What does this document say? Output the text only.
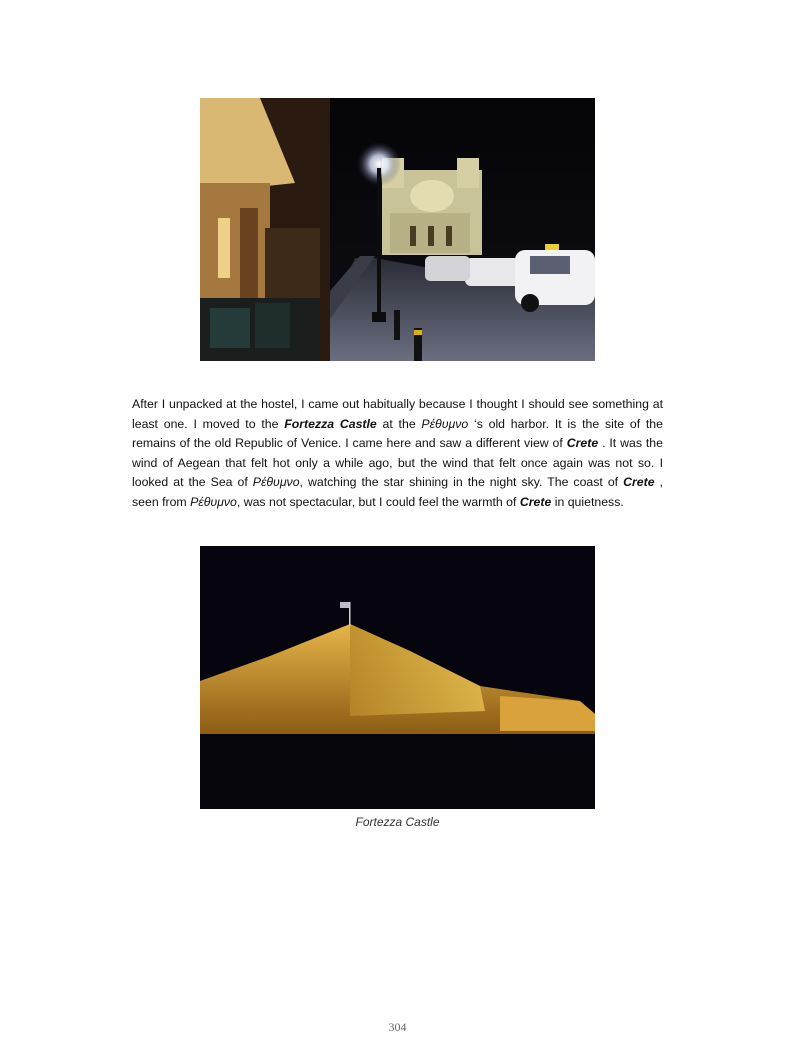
After I unpacked at the hostel, I came out habitually because I thought I should see something at least one. I moved to the Fortezza Castle at the Ρέθυμνο ‘s old harbor. It is the site of the remains of the old Republic of Venice. I came here and saw a different view of Crete . It was the wind of Aegean that felt hot only a while ago, but the wind that felt once again was not so. I looked at the Sea of Ρέθυμνο, watching the star shining in the night sky. The coast of Crete , seen from Ρέθυμνο, was not spectacular, but I could feel the warmth of Crete in quietness.

Fortezza Castle
304
